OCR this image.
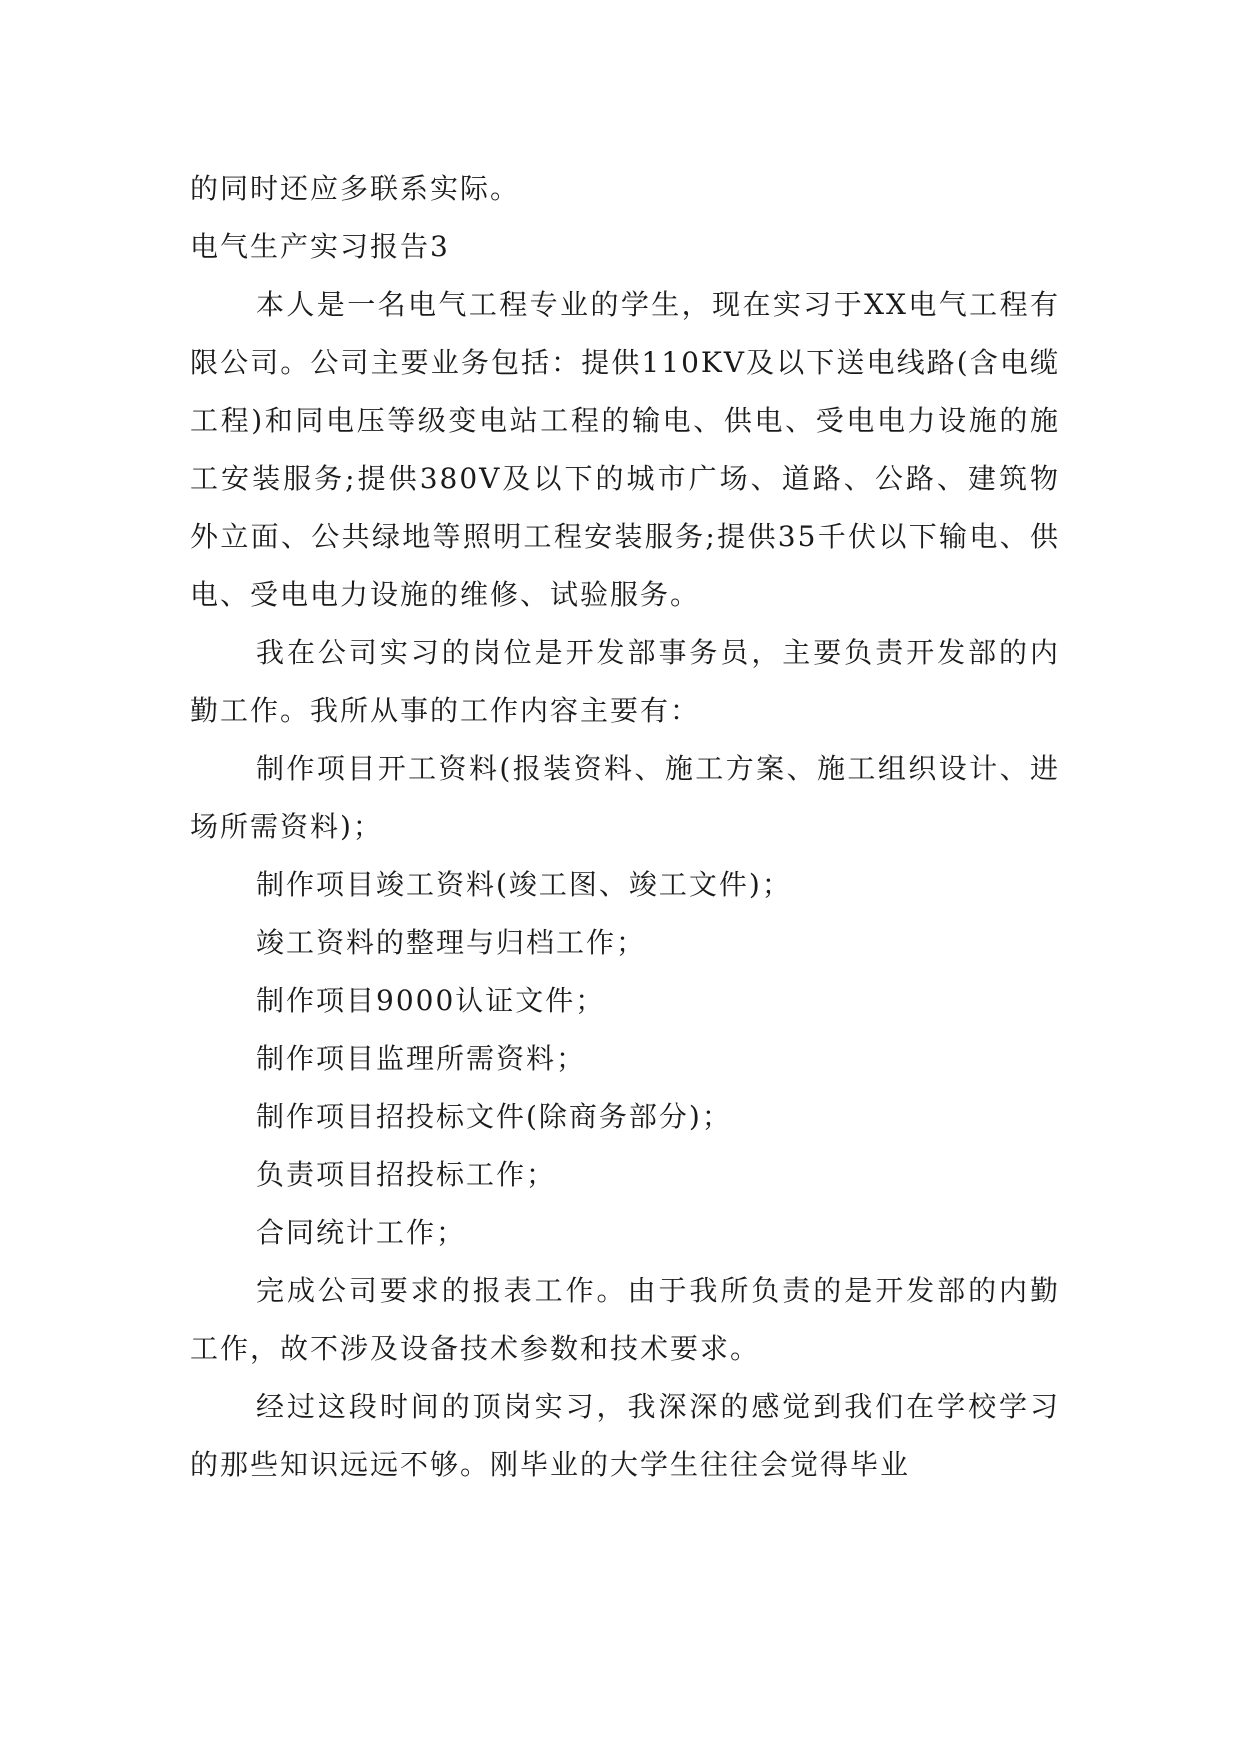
的同时还应多联系实际。

电气生产实习报告3

本人是一名电气工程专业的学生，现在实习于XX电气工程有限公司。公司主要业务包括：提供110KV及以下送电线路(含电缆工程)和同电压等级变电站工程的输电、供电、受电电力设施的施工安装服务;提供380V及以下的城市广场、道路、公路、建筑物外立面、公共绿地等照明工程安装服务;提供35千伏以下输电、供电、受电电力设施的维修、试验服务。

我在公司实习的岗位是开发部事务员，主要负责开发部的内勤工作。我所从事的工作内容主要有：

制作项目开工资料(报装资料、施工方案、施工组织设计、进场所需资料)；

制作项目竣工资料(竣工图、竣工文件)；

竣工资料的整理与归档工作；

制作项目9000认证文件；

制作项目监理所需资料；

制作项目招投标文件(除商务部分)；

负责项目招投标工作；

合同统计工作；

完成公司要求的报表工作。由于我所负责的是开发部的内勤工作，故不涉及设备技术参数和技术要求。

经过这段时间的顶岗实习，我深深的感觉到我们在学校学习的那些知识远远不够。刚毕业的大学生往往会觉得毕业
